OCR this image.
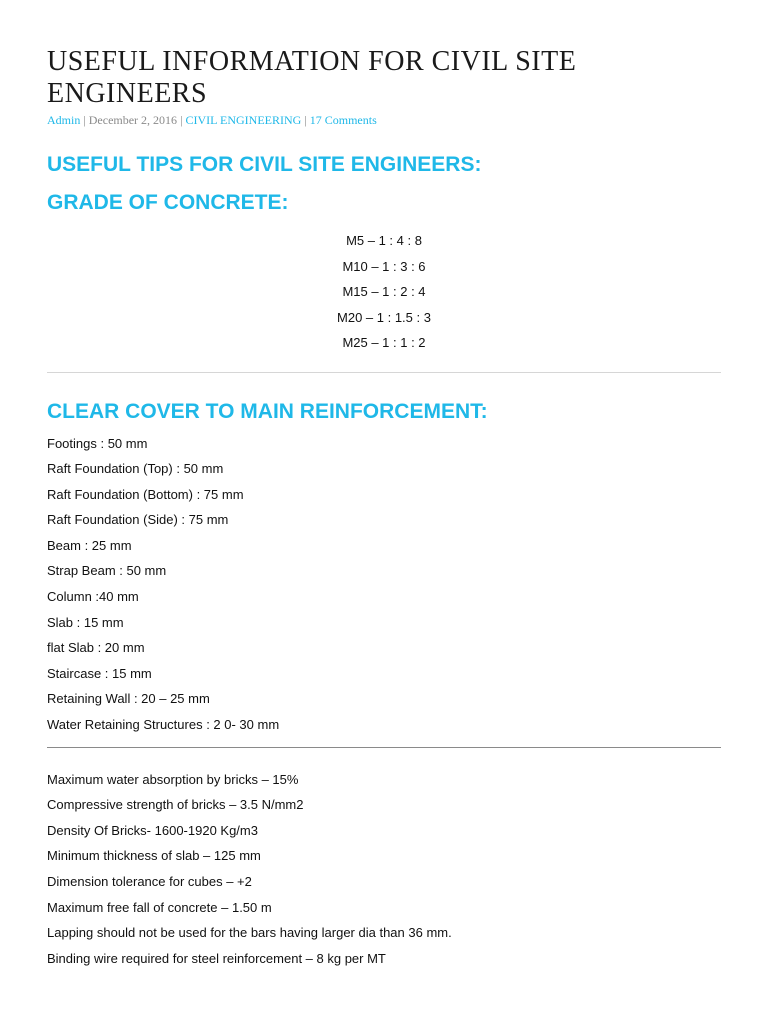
USEFUL INFORMATION FOR CIVIL SITE ENGINEERS
Admin | December 2, 2016 | CIVIL ENGINEERING | 17 Comments
USEFUL TIPS FOR CIVIL SITE ENGINEERS:
GRADE OF CONCRETE:
M5 – 1 : 4 : 8
M10 – 1 : 3 : 6
M15 – 1 : 2 : 4
M20 – 1 : 1.5 : 3
M25 – 1 : 1 : 2
CLEAR COVER TO MAIN REINFORCEMENT:
Footings : 50 mm
Raft Foundation (Top) : 50 mm
Raft Foundation (Bottom) : 75 mm
Raft Foundation (Side) : 75 mm
Beam : 25 mm
Strap Beam : 50 mm
Column :40 mm
Slab : 15 mm
flat Slab : 20 mm
Staircase : 15 mm
Retaining Wall : 20 – 25 mm
Water Retaining Structures : 2 0- 30 mm
Maximum water absorption by bricks – 15%
Compressive strength of bricks – 3.5 N/mm2
Density Of Bricks- 1600-1920 Kg/m3
Minimum thickness of slab – 125 mm
Dimension tolerance for cubes – +2
Maximum free fall of concrete – 1.50 m
Lapping should not be used for the bars having larger dia than 36 mm.
Binding wire required for steel reinforcement – 8 kg per MT
